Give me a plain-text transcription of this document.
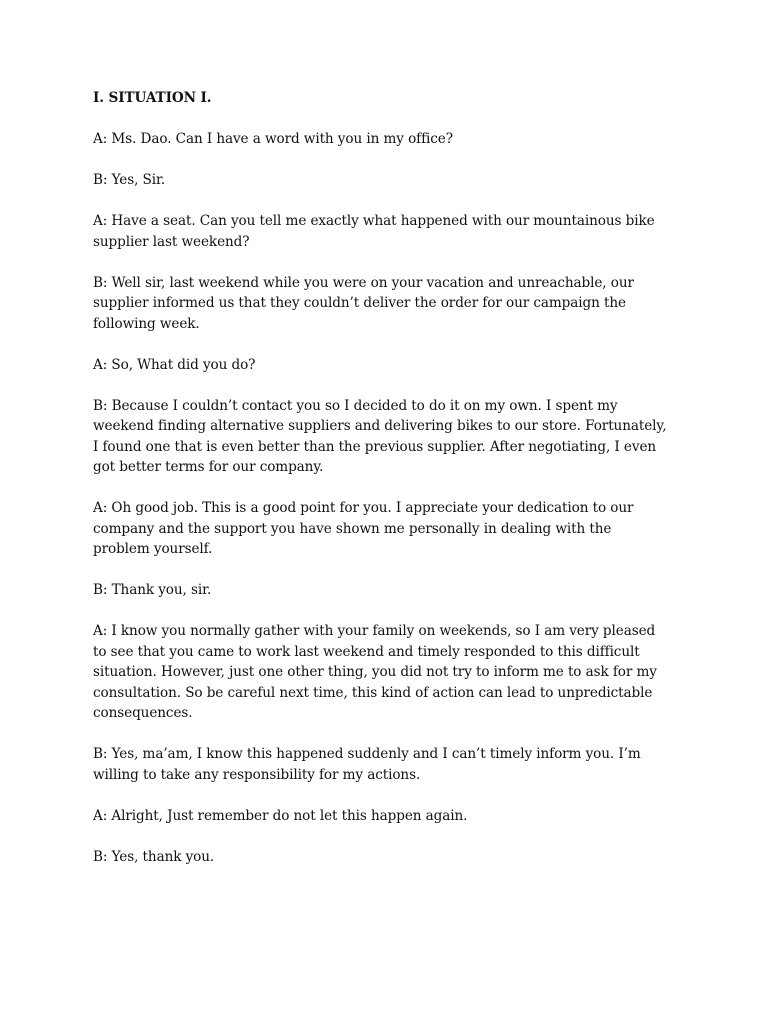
I. SITUATION I.
A: Ms. Dao. Can I have a word with you in my office?
B: Yes, Sir.
A: Have a seat. Can you tell me exactly what happened with our mountainous bike
supplier last weekend?
B: Well sir, last weekend while you were on your vacation and unreachable, our
supplier informed us that they couldn’t deliver the order for our campaign the
following week.
A: So, What did you do?
B: Because I couldn’t contact you so I decided to do it on my own. I spent my
weekend finding alternative suppliers and delivering bikes to our store. Fortunately,
I found one that is even better than the previous supplier. After negotiating, I even
got better terms for our company.
A: Oh good job. This is a good point for you. I appreciate your dedication to our
company and the support you have shown me personally in dealing with the
problem yourself.
B: Thank you, sir.
A: I know you normally gather with your family on weekends, so I am very pleased
to see that you came to work last weekend and timely responded to this difficult
situation. However, just one other thing, you did not try to inform me to ask for my
consultation. So be careful next time, this kind of action can lead to unpredictable
consequences.
B: Yes, ma’am, I know this happened suddenly and I can’t timely inform you. I’m
willing to take any responsibility for my actions.
A: Alright, Just remember do not let this happen again.
B: Yes, thank you.
